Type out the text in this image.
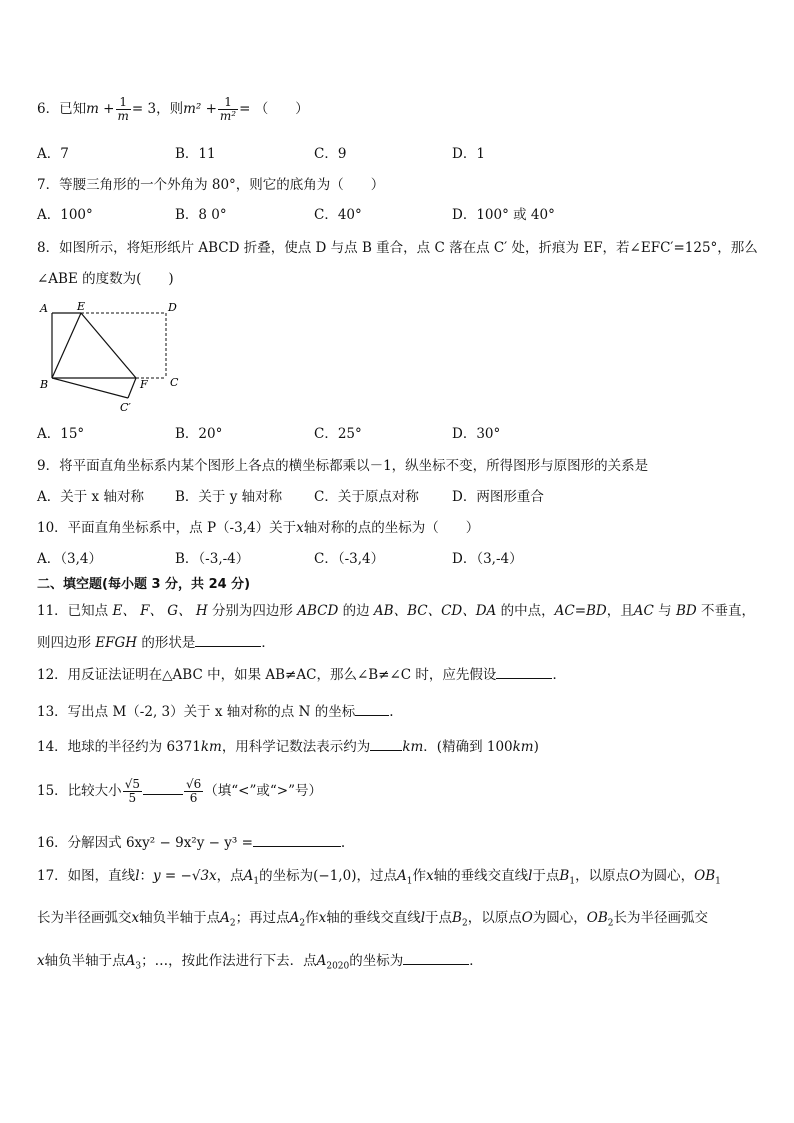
6．已知$m + \frac{1}{m} = 3$，则$m^2 + \frac{1}{\text{m²}}$ = （　　）
A．7	B．11	C．9	D．1
7．等腰三角形的一个外角为 80°，则它的底角为（　　）
A．100°	B．8 0°	C．40°	D．100° 或 40°
8．如图所示，将矩形纸片 ABCD 折叠，使点 D 与点 B 重合，点 C 落在点 C′ 处，折痕为 EF，若∠EFC′=125°，那么
∠ABE 的度数为(　　)
A	E	D
B	F C
C′
A．15°	B．20°	C．25°	D．30°
9．将平面直角坐标系内某个图形上各点的横坐标都乘以－1，纵坐标不变，所得图形与原图形的关系是
A．关于 x 轴对称 B．关于 y 轴对称 C．关于原点对称 D．两图形重合
10．平面直角坐标系中，点 P（-3,4）关于x轴对称的点的坐标为（　　）
A．（3,4）	B．（-3,-4）	C．（-3,4）	D．（3,-4）
二、填空题(每小题 3 分，共 24 分)
11．已知点 E、 F、 G、 H 分别为四边形 ABCD 的边 AB、BC、CD、DA 的中点，AC=BD，且AC 与 BD 不垂直，
则四边形 EFGH 的形状是	．
12．用反证法证明在△ABC 中，如果 AB≠AC，那么∠B≠∠C 时，应先假设	．
13．写出点 M（-2, 3）关于 x 轴对称的点 N 的坐标	.
14．地球的半径约为 6371km，用科学记数法表示约为 km．(精确到 100km)
15．比较大小 $\frac{√5}{5}$	$\frac{√6}{6}$ （填“<”或“>”号）
16．分解因式 6xy² − 9x²y − y³ =	.
17．如图，直线l：y = −√3x，点$A_1$的坐标为(−1,0)，过点$A_1$作x轴的垂线交直线l于点$B_1$，以原点O为圆心，$OB_1$
长为半径画弧交x轴负半轴于点$A_2$；再过点$A_2$作x轴的垂线交直线l于点$B_2$，以原点O为圆心，$OB_2$长为半径画弧交
x轴负半轴于点$A_3$；…，按此作法进行下去．点$A_{2020}$的坐标为	．
